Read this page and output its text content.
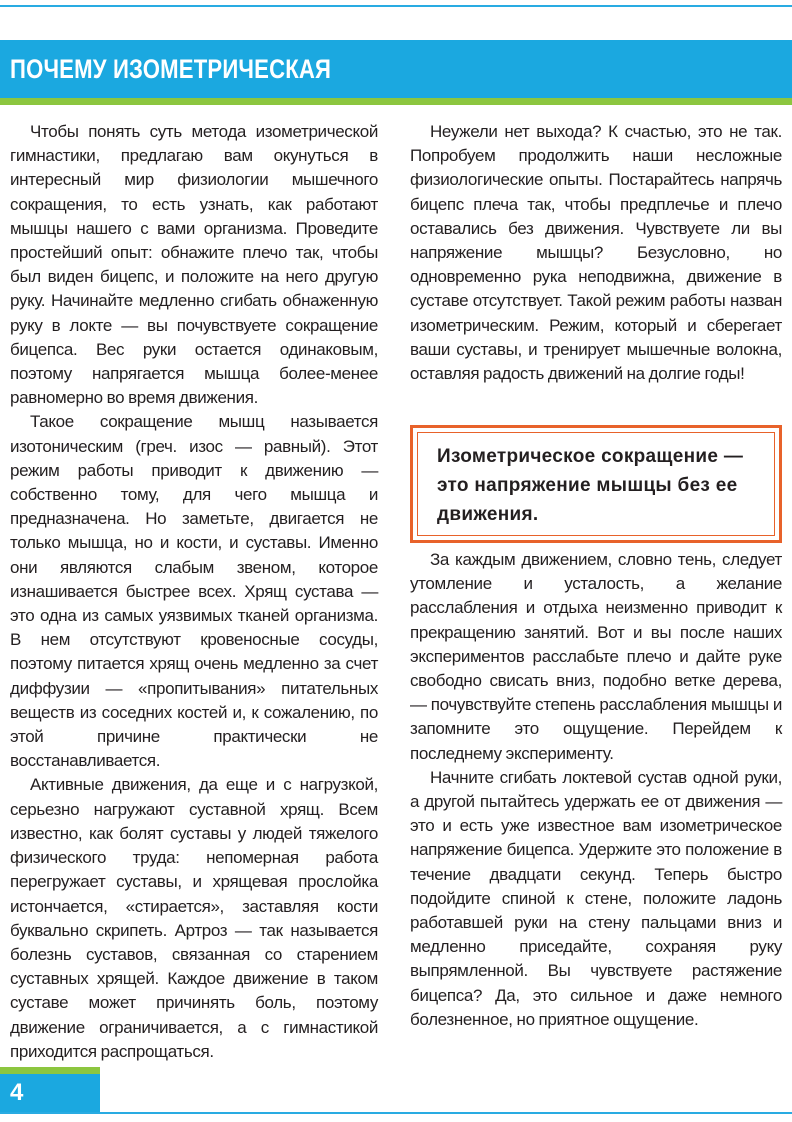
ПОЧЕМУ ИЗОМЕТРИЧЕСКАЯ

Чтобы понять суть метода изометрической гимнастики, предлагаю вам окунуться в интересный мир физиологии мышечного сокращения, то есть узнать, как работают мышцы нашего с вами организма. Проведите простейший опыт: обнажите плечо так, чтобы был виден бицепс, и положите на него другую руку. Начинайте медленно сгибать обнаженную руку в локте — вы почувствуете сокращение бицепса. Вес руки остается одинаковым, поэтому напрягается мышца более-менее равномерно во время движения.

Такое сокращение мышц называется изотоническим (греч. изос — равный). Этот режим работы приводит к движению — собственно тому, для чего мышца и предназначена. Но заметьте, двигается не только мышца, но и кости, и суставы. Именно они являются слабым звеном, которое изнашивается быстрее всех. Хрящ сустава — это одна из самых уязвимых тканей организма. В нем отсутствуют кровеносные сосуды, поэтому питается хрящ очень медленно за счет диффузии — «пропитывания» питательных веществ из соседних костей и, к сожалению, по этой причине практически не восстанавливается.

Активные движения, да еще и с нагрузкой, серьезно нагружают суставной хрящ. Всем известно, как болят суставы у людей тяжелого физического труда: непомерная работа перегружает суставы, и хрящевая прослойка истончается, «стирается», заставляя кости буквально скрипеть. Артроз — так называется болезнь суставов, связанная со старением суставных хрящей. Каждое движение в таком суставе может причинять боль, поэтому движение ограничивается, а с гимнастикой приходится распрощаться.

Неужели нет выхода? К счастью, это не так. Попробуем продолжить наши несложные физиологические опыты. Постарайтесь напрячь бицепс плеча так, чтобы предплечье и плечо оставались без движения. Чувствуете ли вы напряжение мышцы? Безусловно, но одновременно рука неподвижна, движение в суставе отсутствует. Такой режим работы назван изометрическим. Режим, который и сберегает ваши суставы, и тренирует мышечные волокна, оставляя радость движений на долгие годы!

Изометрическое сокращение — это напряжение мышцы без ее движения.

За каждым движением, словно тень, следует утомление и усталость, а желание расслабления и отдыха неизменно приводит к прекращению занятий. Вот и вы после наших экспериментов расслабьте плечо и дайте руке свободно свисать вниз, подобно ветке дерева, — почувствуйте степень расслабления мышцы и запомните это ощущение. Перейдем к последнему эксперименту.

Начните сгибать локтевой сустав одной руки, а другой пытайтесь удержать ее от движения — это и есть уже известное вам изометрическое напряжение бицепса. Удержите это положение в течение двадцати секунд. Теперь быстро подойдите спиной к стене, положите ладонь работавшей руки на стену пальцами вниз и медленно приседайте, сохраняя руку выпрямленной. Вы чувствуете растяжение бицепса? Да, это сильное и даже немного болезненное, но приятное ощущение.

4
